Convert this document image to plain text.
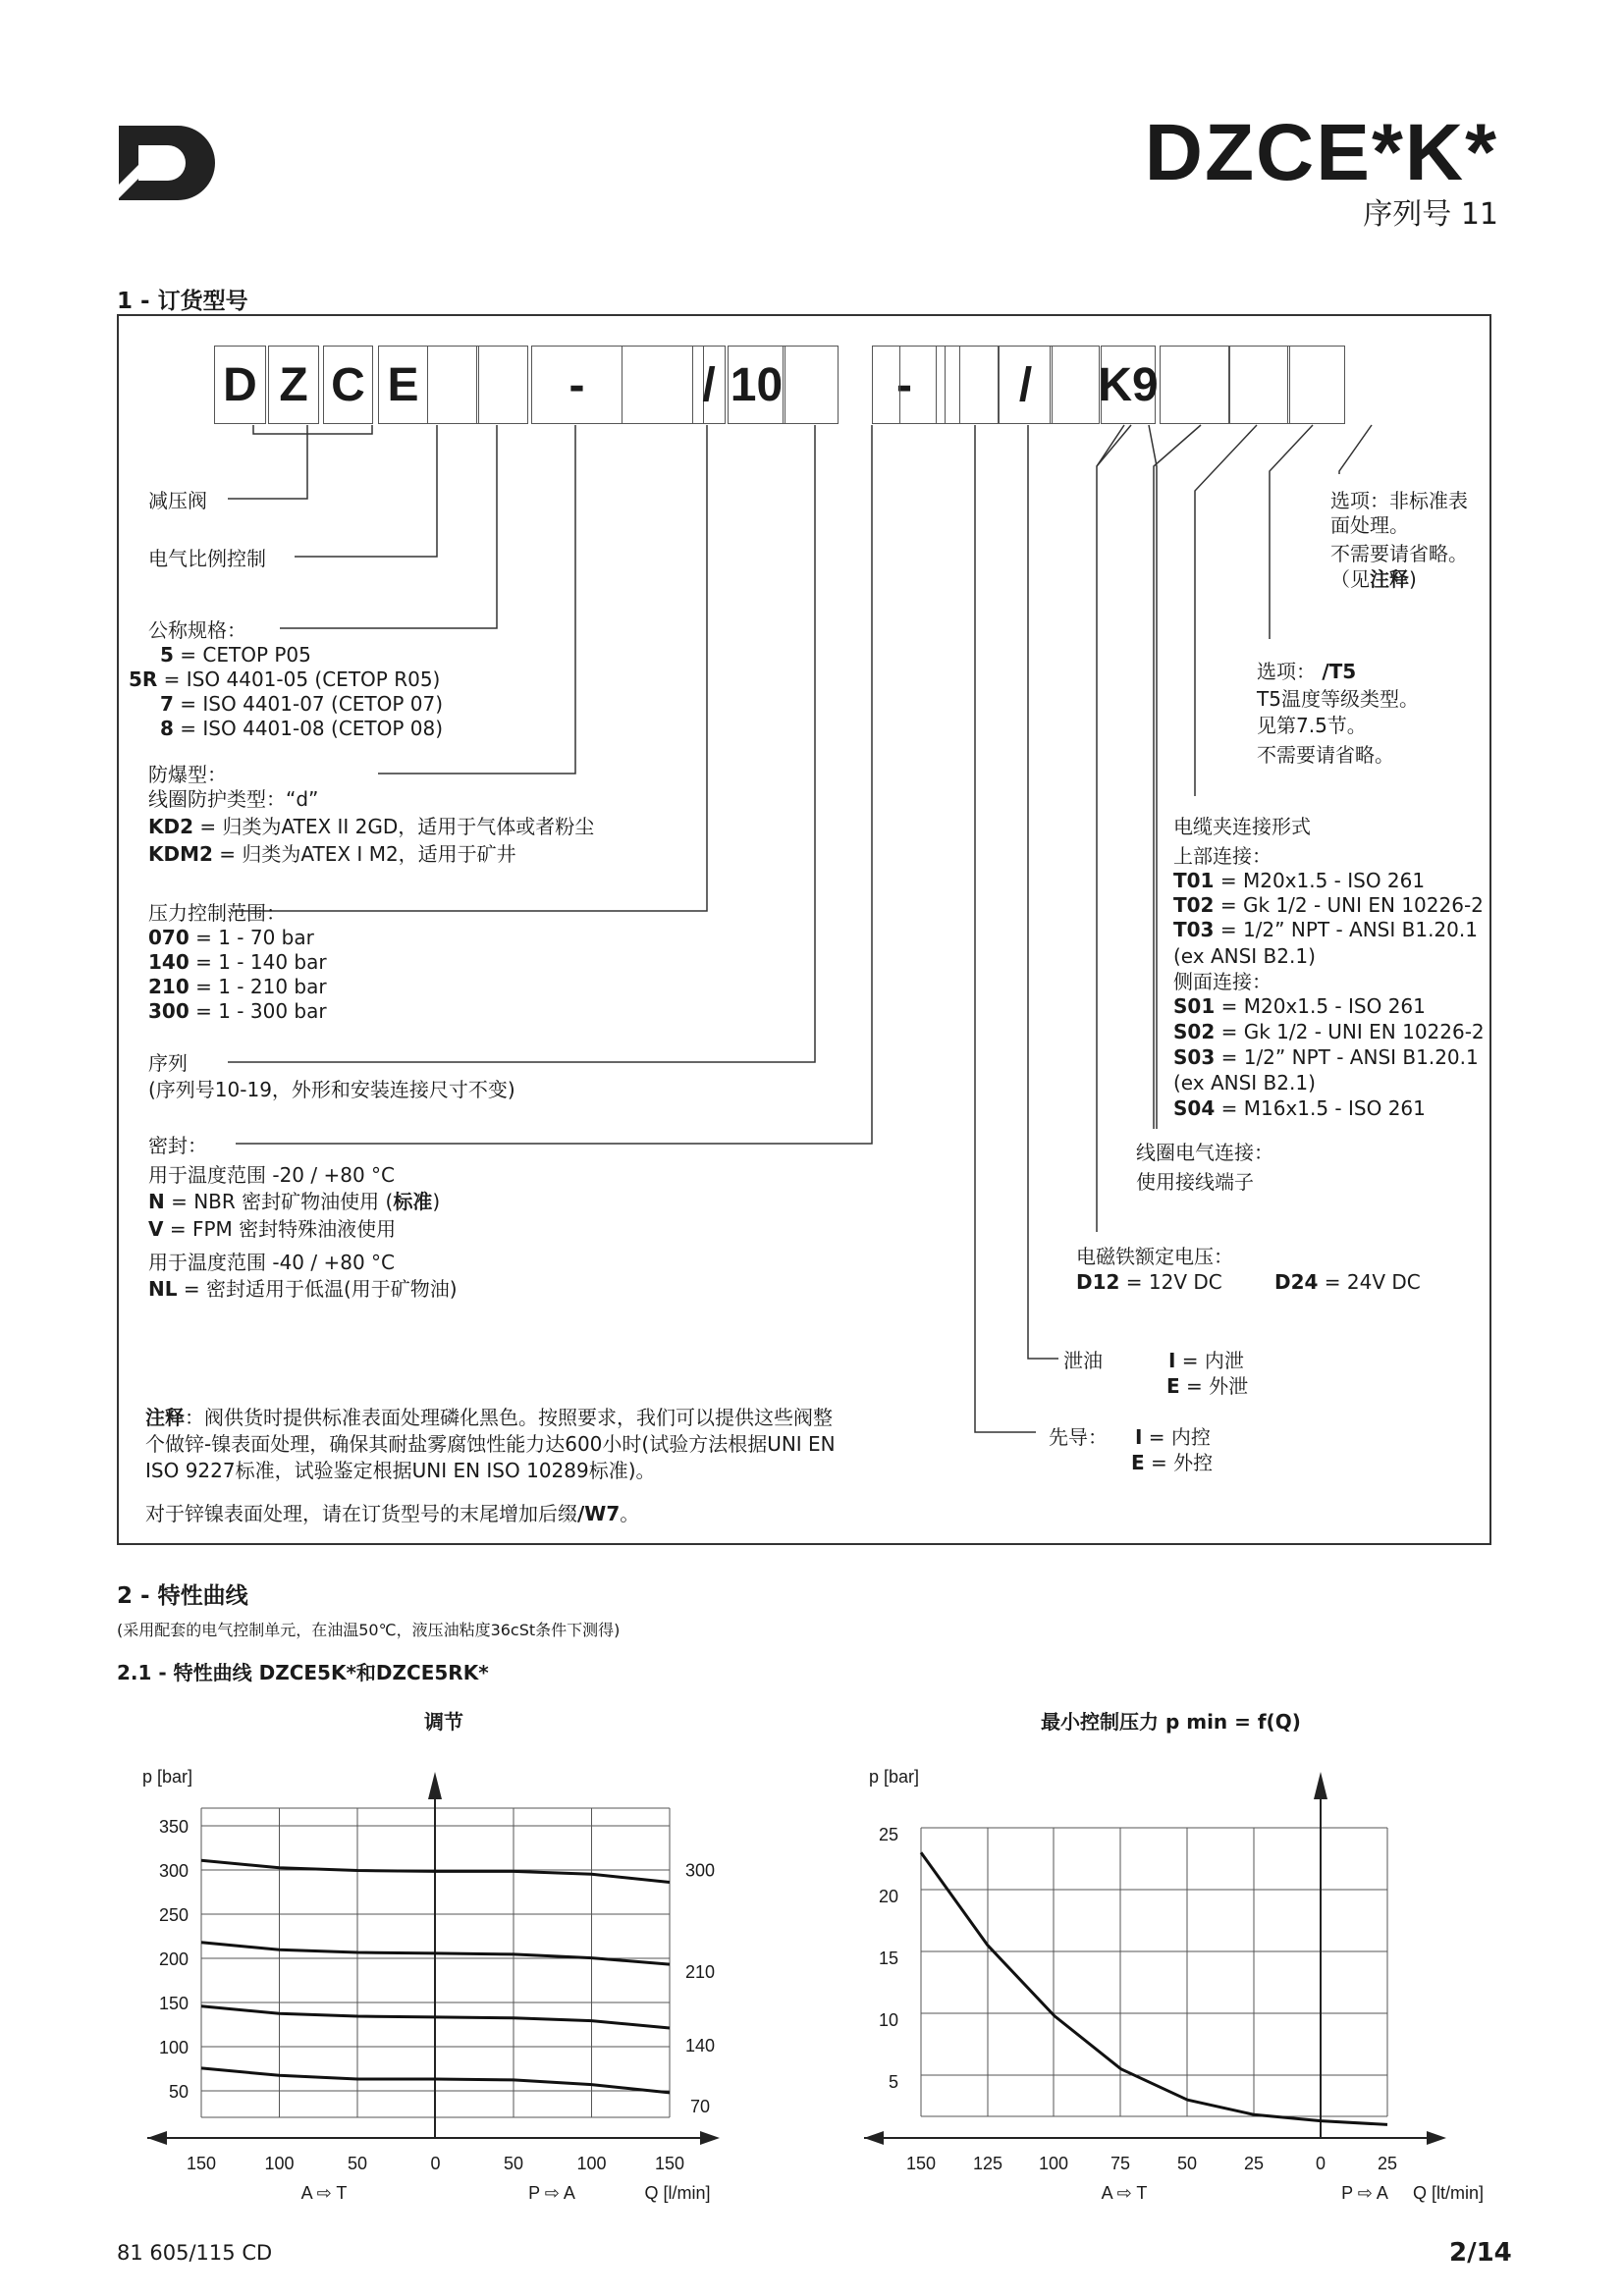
DZCE*K*
序列号 11
1 - 订货型号
D Z C E	-	/ 10	-	/	K9
减压阀
电气比例控制
公称规格：
5 = CETOP P05
5R = ISO 4401-05 (CETOP R05)
7 = ISO 4401-07 (CETOP 07)
8 = ISO 4401-08 (CETOP 08)
防爆型：
线圈防护类型：“d”
KD2 = 归类为ATEX II 2GD，适用于气体或者粉尘
KDM2 = 归类为ATEX I M2，适用于矿井
压力控制范围：
070 = 1 - 70 bar
140 = 1 - 140 bar
210 = 1 - 210 bar
300 = 1 - 300 bar
序列
(序列号10-19，外形和安装连接尺寸不变)
密封：
用于温度范围 -20 / +80 °C
N = NBR 密封矿物油使用 (标准)
V = FPM 密封特殊油液使用
用于温度范围 -40 / +80 °C
NL = 密封适用于低温(用于矿物油)
注释：阀供货时提供标准表面处理磷化黑色。按照要求，我们可以提供这些阀整
个做锌-镍表面处理，确保其耐盐雾腐蚀性能力达600小时(试验方法根据UNI EN
ISO 9227标准，试验鉴定根据UNI EN ISO 10289标准)。
对于锌镍表面处理，请在订货型号的末尾增加后缀/W7。
选项：非标准表
面处理。
不需要请省略。
（见注释)
选项： /T5
T5温度等级类型。
见第7.5节。
不需要请省略。
电缆夹连接形式
上部连接：
T01 = M20x1.5 - ISO 261
T02 = Gk 1/2 - UNI EN 10226-2
T03 = 1/2” NPT - ANSI B1.20.1
(ex ANSI B2.1)
侧面连接：
S01 = M20x1.5 - ISO 261
S02 = Gk 1/2 - UNI EN 10226-2
S03 = 1/2” NPT - ANSI B1.20.1
(ex ANSI B2.1)
S04 = M16x1.5 - ISO 261
线圈电气连接：
使用接线端子
电磁铁额定电压：
D12 = 12V DC	D24 = 24V DC
泄油	I = 内泄
E = 外泄
先导： I = 内控
E = 外控
2 - 特性曲线
(采用配套的电气控制单元，在油温50℃，液压油粘度36cSt条件下测得)
2.1 - 特性曲线 DZCE5K*和DZCE5RK*
调节	最小控制压力 p min = f(Q)
350
300
250
200
150
100
50
150	100	50	0	50	100	150
p [bar]
A ⇨ T	P ⇨ A	Q [l/min]
300
210
140
70
150 125 100 75	50	25	0	25
25
20
15
10
5
p [bar]
A ⇨ T	P ⇨ A Q [lt/min]
81 605/115 CD	2/14
